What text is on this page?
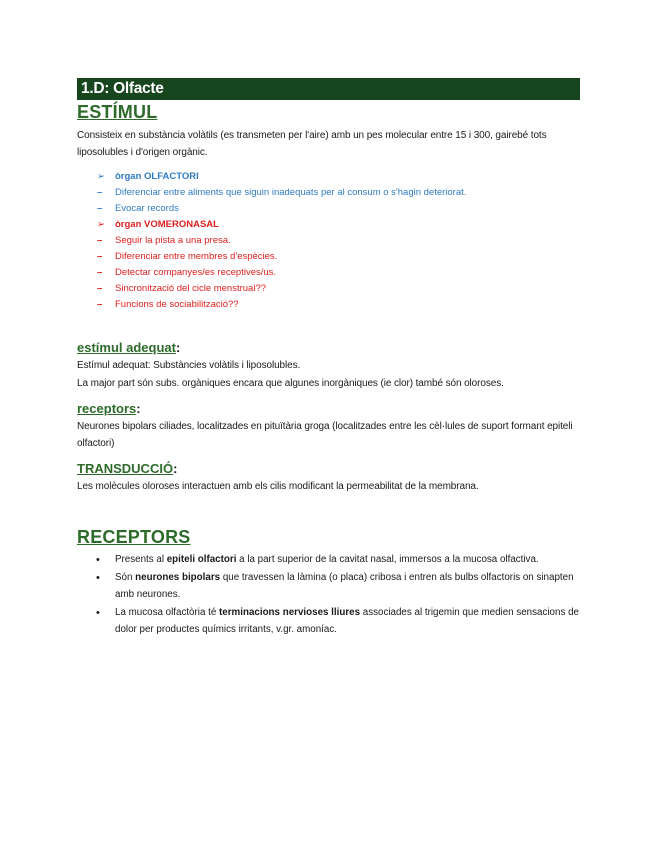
1.D: Olfacte
ESTÍMUL

Consisteix en substància volàtils (es transmeten per l'aire) amb un pes molecular entre 15 i 300, gairebé tots liposolubles i d'origen orgànic.

➢	òrgan OLFACTORI
–	Diferenciar entre aliments que siguin inadequats per al consum o s'hagin deteriorat.
–	Evocar records
➢	òrgan VOMERONASAL
–	Seguir la pista a una presa.
–	Diferenciar entre membres d'espècies.
–	Detectar companyes/es receptives/us.
–	Sincronització del cicle menstrual??
–	Funcions de sociabilització??
estímul adequat:

Estímul adequat: Substàncies volàtils i liposolubles.

La major part són subs. orgàniques encara que algunes inorgàniques (ie clor) també són oloroses.

receptors:

Neurones bipolars ciliades, localitzades en pituïtària groga (localitzades entre les cèl·lules de suport formant epiteli olfactori)

TRANSDUCCIÓ:

Les molècules oloroses interactuen amb els cilis modificant la permeabilitat de la membrana.

RECEPTORS
• Presents al epiteli olfactori a la part superior de la cavitat nasal, immersos a la mucosa olfactiva.
• Són neurones bipolars que travessen la làmina (o placa) cribosa i entren als bulbs olfactoris on sinapten amb neurones.
• La mucosa olfactòria té terminacions nervioses lliures associades al trigemin que medien sensacions de dolor per productes químics irritants, v.gr. amoníac.
